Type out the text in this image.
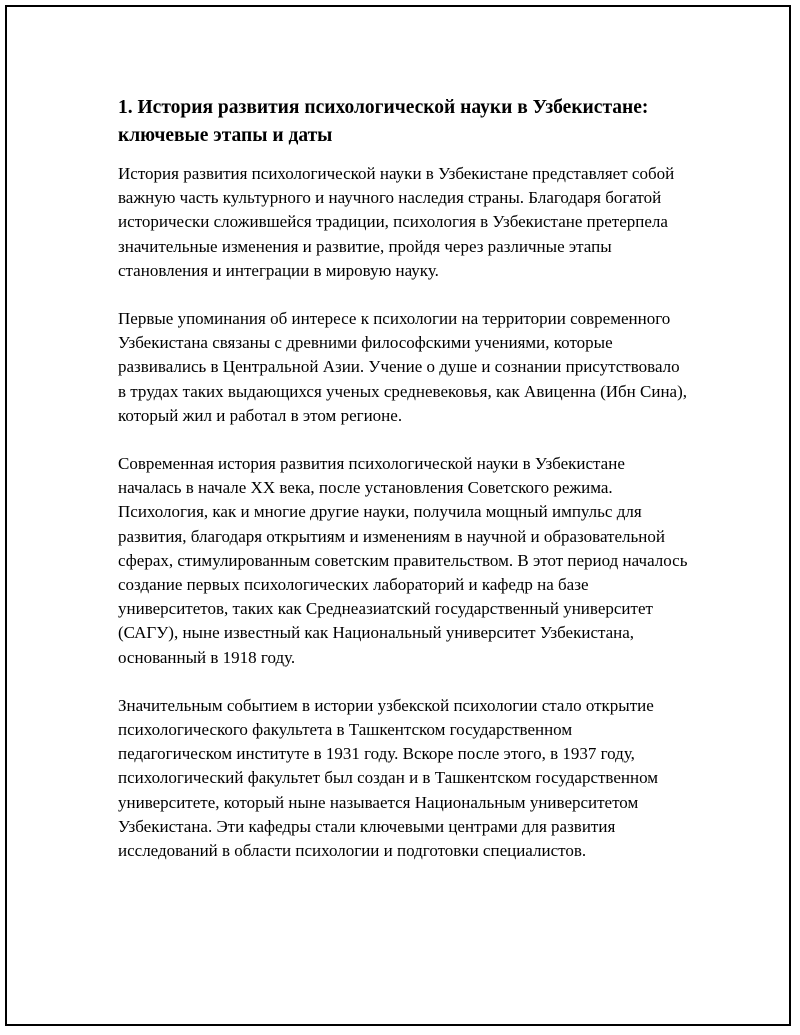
1. История развития психологической науки в Узбекистане: ключевые этапы и даты

История развития психологической науки в Узбекистане представляет собой важную часть культурного и научного наследия страны. Благодаря богатой исторически сложившейся традиции, психология в Узбекистане претерпела значительные изменения и развитие, пройдя через различные этапы становления и интеграции в мировую науку.

Первые упоминания об интересе к психологии на территории современного Узбекистана связаны с древними философскими учениями, которые развивались в Центральной Азии. Учение о душе и сознании присутствовало в трудах таких выдающихся ученых средневековья, как Авиценна (Ибн Сина), который жил и работал в этом регионе.

Современная история развития психологической науки в Узбекистане началась в начале XX века, после установления Советского режима. Психология, как и многие другие науки, получила мощный импульс для развития, благодаря открытиям и изменениям в научной и образовательной сферах, стимулированным советским правительством. В этот период началось создание первых психологических лабораторий и кафедр на базе университетов, таких как Среднеазиатский государственный университет (САГУ), ныне известный как Национальный университет Узбекистана, основанный в 1918 году.

Значительным событием в истории узбекской психологии стало открытие психологического факультета в Ташкентском государственном педагогическом институте в 1931 году. Вскоре после этого, в 1937 году, психологический факультет был создан и в Ташкентском государственном университете, который ныне называется Национальным университетом Узбекистана. Эти кафедры стали ключевыми центрами для развития исследований в области психологии и подготовки специалистов.
